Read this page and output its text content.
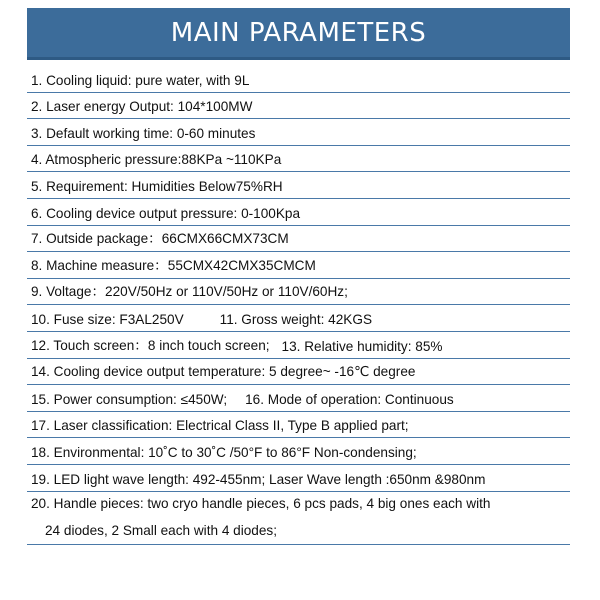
MAIN PARAMETERS
1. Cooling liquid: pure water, with 9L
2. Laser energy Output: 104*100MW
3. Default working time: 0-60 minutes
4. Atmospheric pressure:88KPa ~110KPa
5. Requirement: Humidities Below75%RH
6. Cooling device output pressure: 0-100Kpa
7. Outside package：66CMX66CMX73CM
8. Machine measure：55CMX42CMX35CMCM
9. Voltage：220V/50Hz or 110V/50Hz or 110V/60Hz;
10. Fuse size: F3AL250V	11. Gross weight: 42KGS
12. Touch screen：8 inch touch screen; 13. Relative humidity: 85%
14. Cooling device output temperature: 5 degree~ -16℃ degree
15. Power consumption: ≤450W; 16. Mode of operation: Continuous
17. Laser classification: Electrical Class II, Type B applied part;
18. Environmental: 10˚C to 30˚C /50°F to 86°F Non-condensing;
19. LED light wave length: 492-455nm; Laser Wave length :650nm &980nm
20. Handle pieces: two cryo handle pieces, 6 pcs pads, 4 big ones each with
24 diodes, 2 Small each with 4 diodes;
